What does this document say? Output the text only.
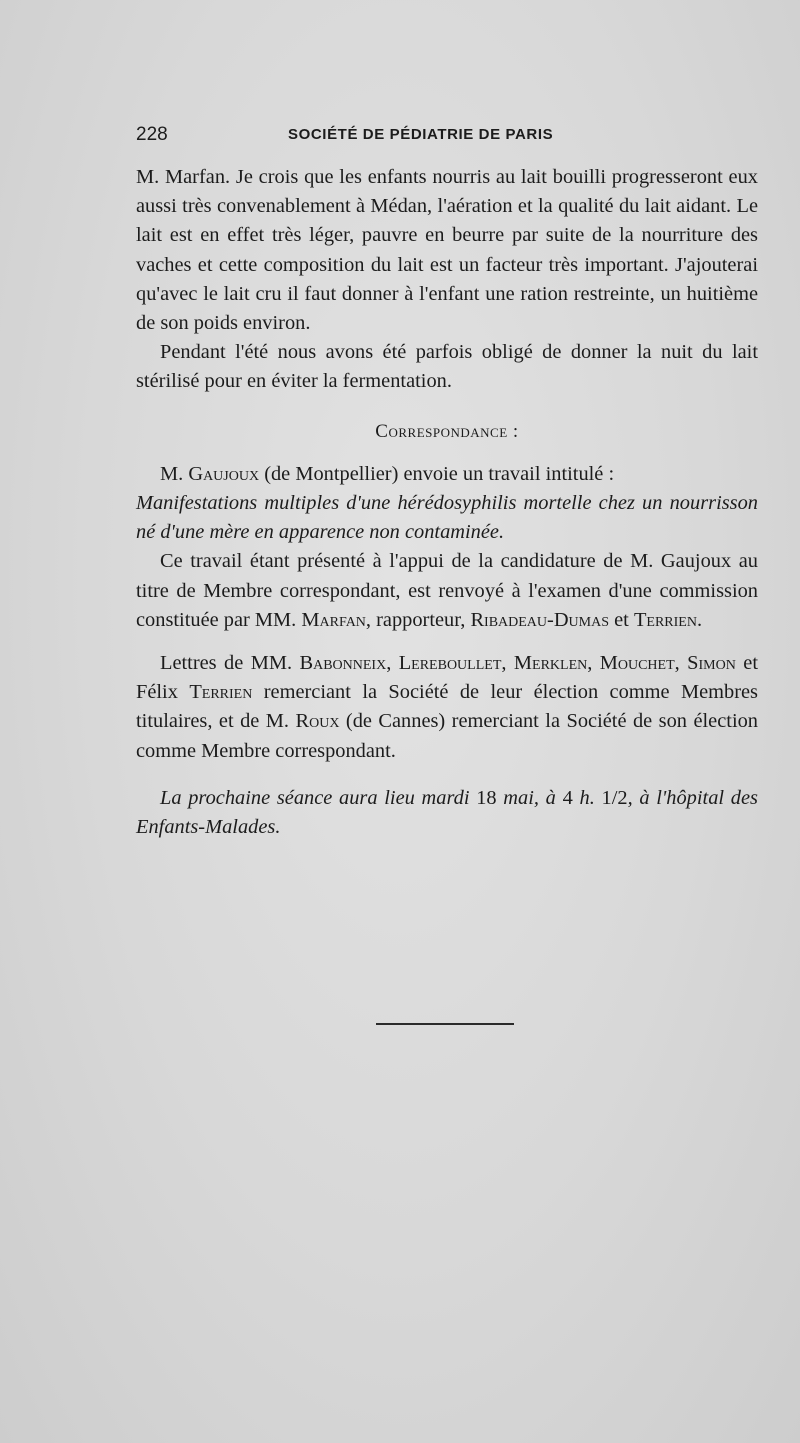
228	SOCIÉTÉ DE PÉDIATRIE DE PARIS

M. Marfan. Je crois que les enfants nourris au lait bouilli progresseront eux aussi très convenablement à Médan, l'aération et la qualité du lait aidant. Le lait est en effet très léger, pauvre en beurre par suite de la nourriture des vaches et cette composition du lait est un facteur très important. J'ajouterai qu'avec le lait cru il faut donner à l'enfant une ration restreinte, un huitième de son poids environ.

Pendant l'été nous avons été parfois obligé de donner la nuit du lait stérilisé pour en éviter la fermentation.

Correspondance :

M. Gaujoux (de Montpellier) envoie un travail intitulé :
Manifestations multiples d'une hérédosyphilis mortelle chez un nourrisson né d'une mère en apparence non contaminée.

Ce travail étant présenté à l'appui de la candidature de M. Gaujoux au titre de Membre correspondant, est renvoyé à l'examen d'une commission constituée par MM. Marfan, rapporteur, Ribadeau-Dumas et Terrien.

Lettres de MM. Babonneix, Lereboullet, Merklen, Mouchet, Simon et Félix Terrien remerciant la Société de leur élection comme Membres titulaires, et de M. Roux (de Cannes) remerciant la Société de son élection comme Membre correspondant.

La prochaine séance aura lieu mardi 18 mai, à 4 h. 1/2, à l'hôpital des Enfants-Malades.
